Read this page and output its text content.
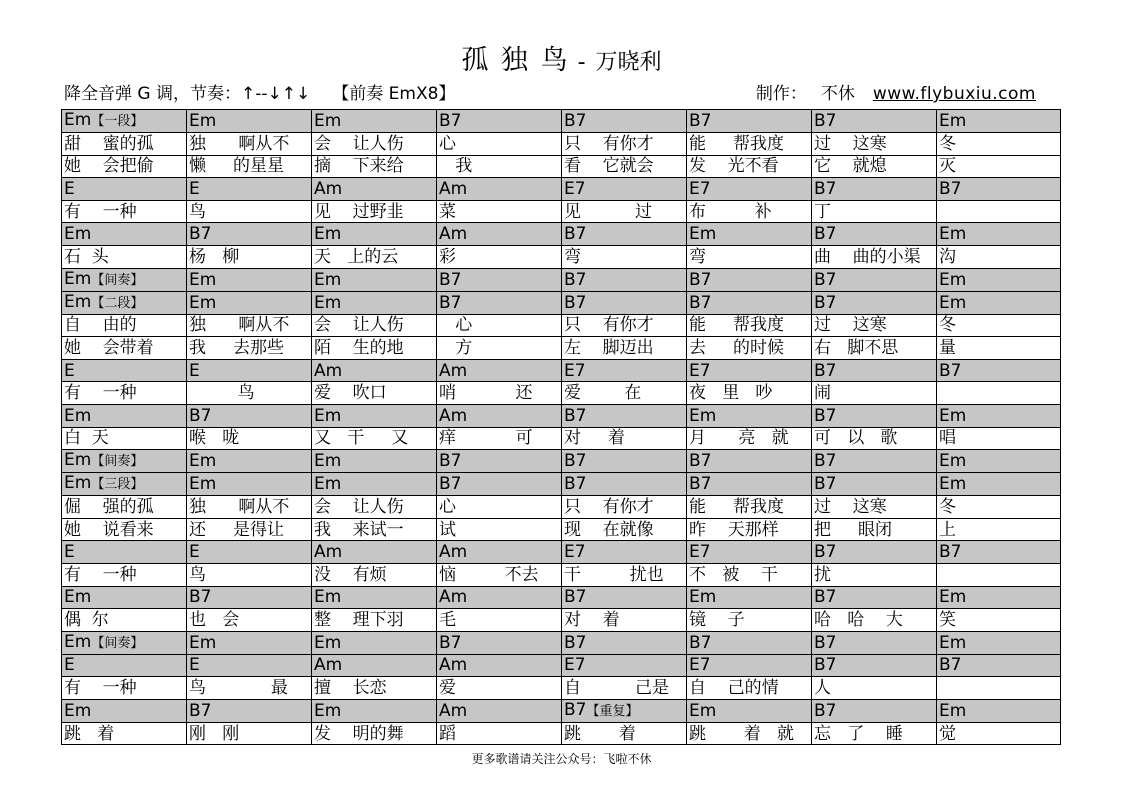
孤 独 鸟 - 万晓利
降全音弹 G 调，节奏：↑--↓↑↓ 【前奏 EmX8】	制作： 不休 www.flybuxiu.com
Em【一段】	Em	Em	B7	B7	B7	B7	Em
甜    蜜的孤	独      啊从不	会    让人伤	心	只    有你才	能     帮我度	过    这寒	冬
她    会把偷	懒     的星星	摘    下来给	我	看    它就会	发    光不看	它    就熄	灭
E	E	Am	Am	E7	E7	B7	B7
有    一种	鸟	见    过野韭	菜	见          过	布         补	丁	
Em	B7	Em	Am	B7	Em	B7	Em
石  头	杨   柳	天   上的云	彩	弯	弯	曲    曲的小渠	沟
Em【间奏】	Em	Em	B7	B7	B7	B7	Em
Em【二段】	Em	Em	B7	B7	B7	B7	Em
自    由的	独      啊从不	会    让人伤	心	只    有你才	能     帮我度	过    这寒	冬
她    会带着	我     去那些	陌    生的地	方	左    脚迈出	去     的时候	右   脚不思	量
E	E	Am	Am	E7	E7	B7	B7
有    一种	鸟	爱    吹口	哨           还	爱        在	夜   里   吵	闹	
Em	B7	Em	Am	B7	Em	B7	Em
白  天	喉   咙	又   干     又	痒           可	对     着	月      亮   就	可   以   歌	唱
Em【间奏】	Em	Em	B7	B7	B7	B7	Em
Em【三段】	Em	Em	B7	B7	B7	B7	Em
倔    强的孤	独      啊从不	会    让人伤	心	只    有你才	能     帮我度	过    这寒	冬
她    说看来	还     是得让	我    来试一	试	现    在就像	昨    天那样	把     眼闭	上
E	E	Am	Am	E7	E7	B7	B7
有    一种	鸟	没    有烦	恼         不去	干         扰也	不   被    干	扰	
Em	B7	Em	Am	B7	Em	B7	Em
偶  尔	也   会	整    理下羽	毛	对    着	镜    子	哈   哈    大	笑
Em【间奏】	Em	Em	B7	B7	B7	B7	Em
E	E	Am	Am	E7	E7	B7	B7
有    一种	鸟            最	擅    长恋	爱	自          己是	自    己的情	人	
Em	B7	Em	Am	B7【重复】	Em	B7	Em
跳   着	刚   刚	发    明的舞	蹈	跳       着	跳       着   就	忘   了    睡	觉
更多歌谱请关注公众号：飞啦不休
